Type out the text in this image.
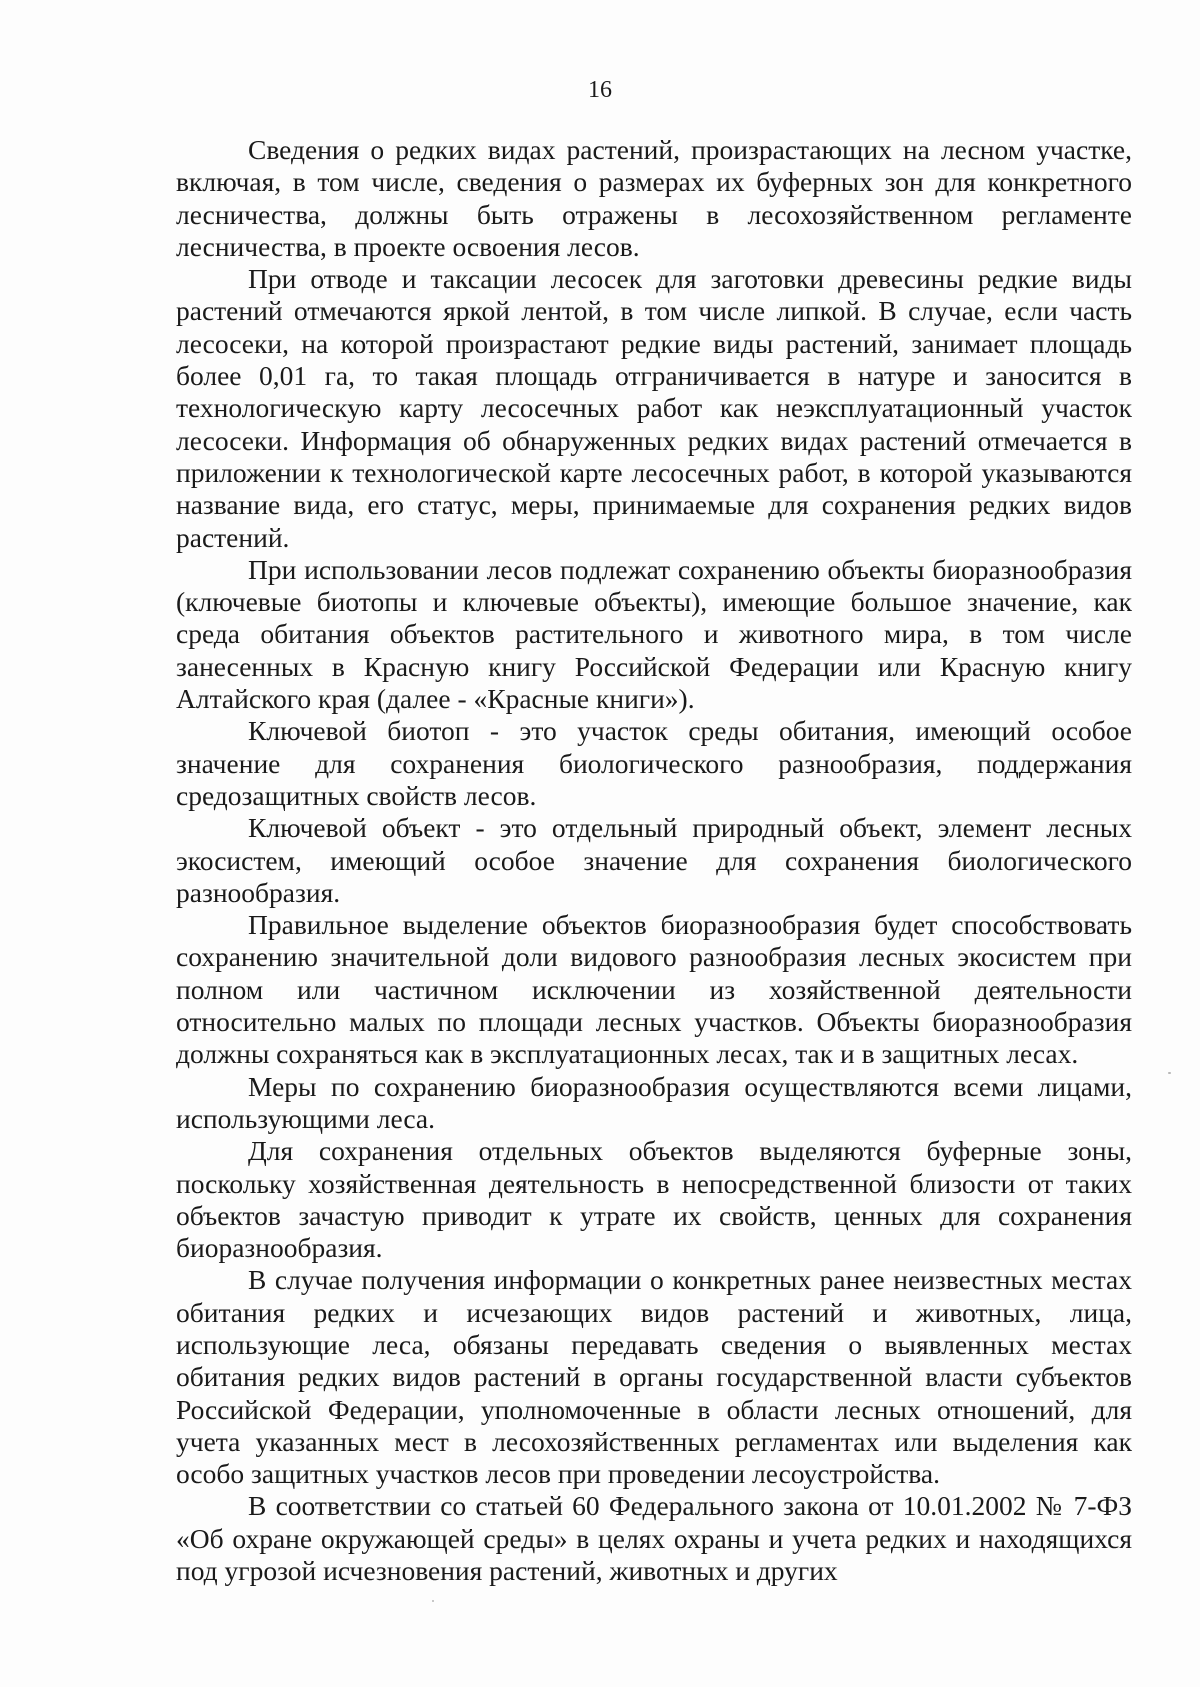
16

Сведения о редких видах растений, произрастающих на лесном участке, включая, в том числе, сведения о размерах их буферных зон для конкретного лесничества, должны быть отражены в лесохозяйственном регламенте лесничества, в проекте освоения лесов.

При отводе и таксации лесосек для заготовки древесины редкие виды растений отмечаются яркой лентой, в том числе липкой. В случае, если часть лесосеки, на которой произрастают редкие виды растений, занимает площадь более 0,01 га, то такая площадь отграничивается в натуре и заносится в технологическую карту лесосечных работ как неэксплуатационный участок лесосеки. Информация об обнаруженных редких видах растений отмечается в приложении к технологической карте лесосечных работ, в которой указываются название вида, его статус, меры, принимаемые для сохранения редких видов растений.

При использовании лесов подлежат сохранению объекты биоразнообразия (ключевые биотопы и ключевые объекты), имеющие большое значение, как среда обитания объектов растительного и животного мира, в том числе занесенных в Красную книгу Российской Федерации или Красную книгу Алтайского края (далее - «Красные книги»).

Ключевой биотоп - это участок среды обитания, имеющий особое значение для сохранения биологического разнообразия, поддержания средозащитных свойств лесов.

Ключевой объект - это отдельный природный объект, элемент лесных экосистем, имеющий особое значение для сохранения биологического разнообразия.

Правильное выделение объектов биоразнообразия будет способствовать сохранению значительной доли видового разнообразия лесных экосистем при полном или частичном исключении из хозяйственной деятельности относительно малых по площади лесных участков. Объекты биоразнообразия должны сохраняться как в эксплуатационных лесах, так и в защитных лесах.

Меры по сохранению биоразнообразия осуществляются всеми лицами, использующими леса.

Для сохранения отдельных объектов выделяются буферные зоны, поскольку хозяйственная деятельность в непосредственной близости от таких объектов зачастую приводит к утрате их свойств, ценных для сохранения биоразнообразия.

В случае получения информации о конкретных ранее неизвестных местах обитания редких и исчезающих видов растений и животных, лица, использующие леса, обязаны передавать сведения о выявленных местах обитания редких видов растений в органы государственной власти субъектов Российской Федерации, уполномоченные в области лесных отношений, для учета указанных мест в лесохозяйственных регламентах или выделения как особо защитных участков лесов при проведении лесоустройства.

В соответствии со статьей 60 Федерального закона от 10.01.2002 № 7-ФЗ «Об охране окружающей среды» в целях охраны и учета редких и находящихся под угрозой исчезновения растений, животных и других
